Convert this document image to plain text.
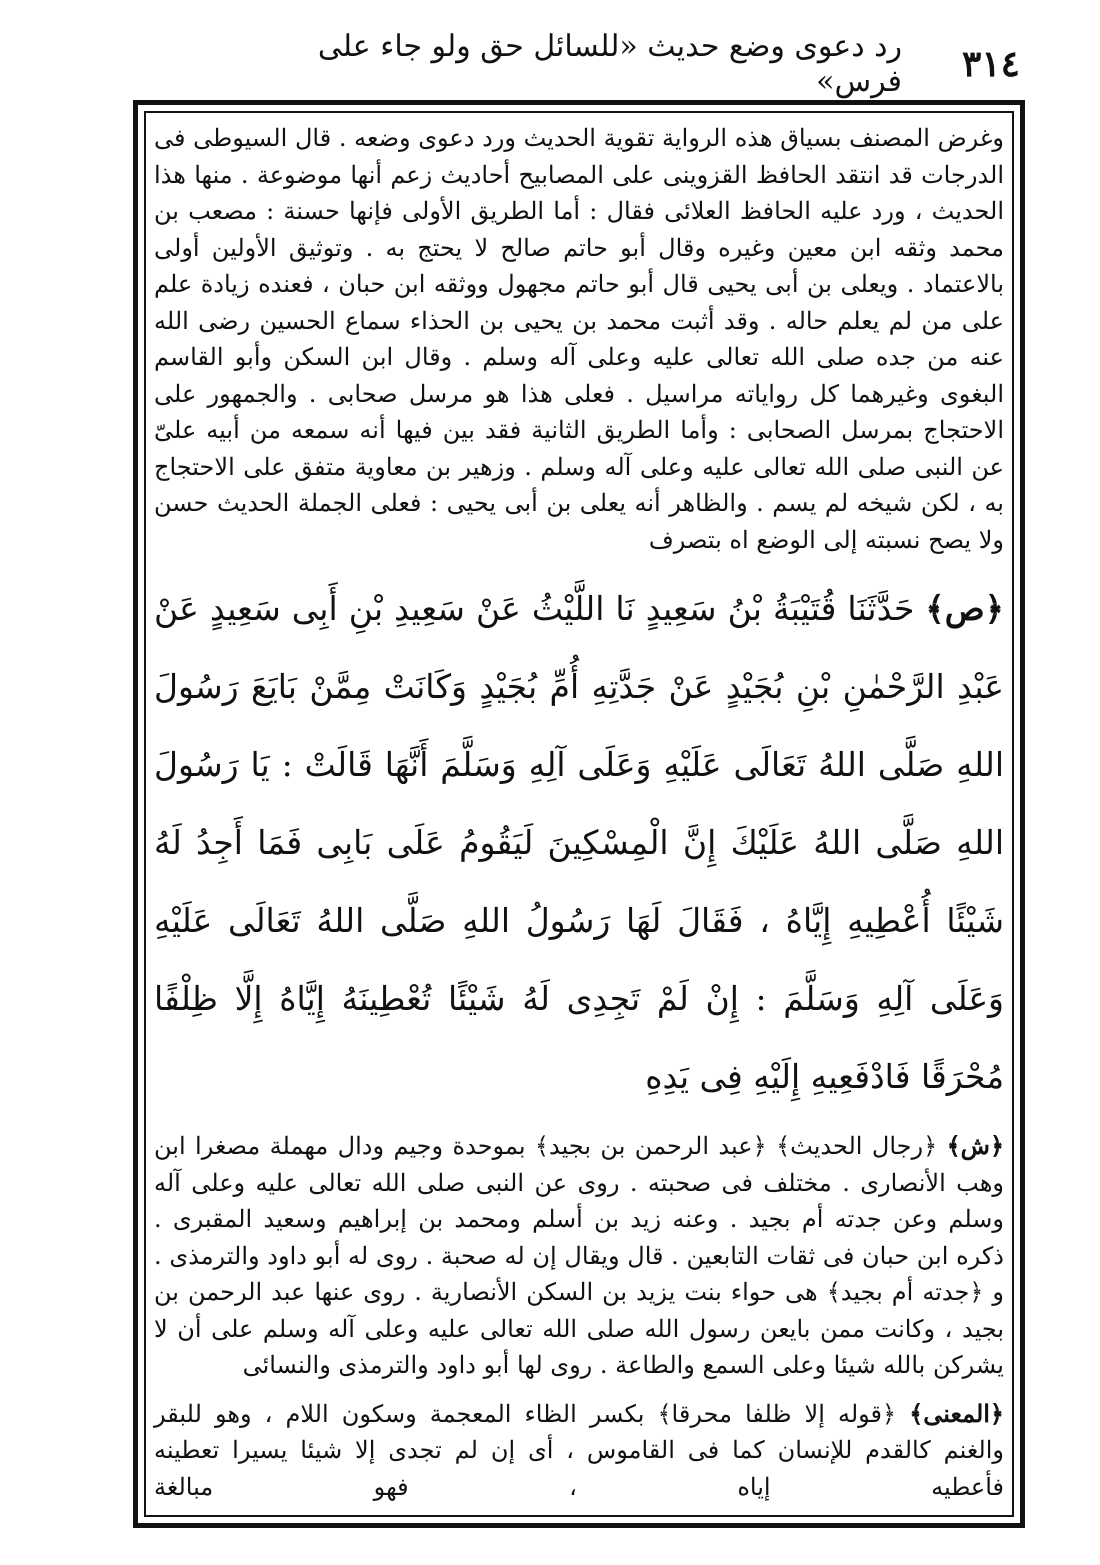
٣١٤
رد دعوى وضع حديث «للسائل حق ولو جاء على فرس»

وغرض المصنف بسياق هذه الرواية تقوية الحديث ورد دعوى وضعه . قال السيوطى فى الدرجات قد انتقد الحافظ القزوينى على المصابيح أحاديث زعم أنها موضوعة . منها هذا الحديث ، ورد عليه الحافظ العلائى فقال : أما الطريق الأولى فإنها حسنة : مصعب بن محمد وثقه ابن معين وغيره وقال أبو حاتم صالح لا يحتج به . وتوثيق الأولين أولى بالاعتماد . ويعلى بن أبى يحيى قال أبو حاتم مجهول ووثقه ابن حبان ، فعنده زيادة علم على من لم يعلم حاله . وقد أثبت محمد بن يحيى بن الحذاء سماع الحسين رضى الله عنه من جده صلى الله تعالى عليه وعلى آله وسلم . وقال ابن السكن وأبو القاسم البغوى وغيرهما كل رواياته مراسيل . فعلى هذا هو مرسل صحابى . والجمهور على الاحتجاج بمرسل الصحابى : وأما الطريق الثانية فقد بين فيها أنه سمعه من أبيه علىّ عن النبى صلى الله تعالى عليه وعلى آله وسلم . وزهير بن معاوية متفق على الاحتجاج به ، لكن شيخه لم يسم . والظاهر أنه يعلى بن أبى يحيى : فعلى الجملة الحديث حسن ولا يصح نسبته إلى الوضع اه بتصرف

﴿ص﴾ حَدَّثَنَا قُتَيْبَةُ بْنُ سَعِيدٍ نَا اللَّيْثُ عَنْ سَعِيدِ بْنِ أَبِى سَعِيدٍ عَنْ عَبْدِ الرَّحْمٰنِ بْنِ بُجَيْدٍ عَنْ جَدَّتِهِ أُمِّ بُجَيْدٍ وَكَانَتْ مِمَّنْ بَايَعَ رَسُولَ اللهِ صَلَّى اللهُ تَعَالَى عَلَيْهِ وَعَلَى آلِهِ وَسَلَّمَ أَنَّهَا قَالَتْ : يَا رَسُولَ اللهِ صَلَّى اللهُ عَلَيْكَ إِنَّ الْمِسْكِينَ لَيَقُومُ عَلَى بَابِى فَمَا أَجِدُ لَهُ شَيْئًا أُعْطِيهِ إِيَّاهُ ، فَقَالَ لَهَا رَسُولُ اللهِ صَلَّى اللهُ تَعَالَى عَلَيْهِ وَعَلَى آلِهِ وَسَلَّمَ : إِنْ لَمْ تَجِدِى لَهُ شَيْئًا تُعْطِينَهُ إِيَّاهُ إِلَّا ظِلْفًا مُحْرَقًا فَادْفَعِيهِ إِلَيْهِ فِى يَدِهِ

﴿ش﴾ ﴿رجال الحديث﴾ ﴿عبد الرحمن بن بجيد﴾ بموحدة وجيم ودال مهملة مصغرا ابن وهب الأنصارى . مختلف فى صحبته . روى عن النبى صلى الله تعالى عليه وعلى آله وسلم وعن جدته أم بجيد . وعنه زيد بن أسلم ومحمد بن إبراهيم وسعيد المقبرى . ذكره ابن حبان فى ثقات التابعين . قال ويقال إن له صحبة . روى له أبو داود والترمذى . و ﴿جدته أم بجيد﴾ هى حواء بنت يزيد بن السكن الأنصارية . روى عنها عبد الرحمن بن بجيد ، وكانت ممن بايعن رسول الله صلى الله تعالى عليه وعلى آله وسلم على أن لا يشركن بالله شيئا وعلى السمع والطاعة . روى لها أبو داود والترمذى والنسائى

﴿المعنى﴾ ﴿قوله إلا ظلفا محرقا﴾ بكسر الظاء المعجمة وسكون اللام ، وهو للبقر والغنم كالقدم للإنسان كما فى القاموس ، أى إن لم تجدى إلا شيئا يسيرا تعطينه فأعطيه إياه ، فهو مبالغة
